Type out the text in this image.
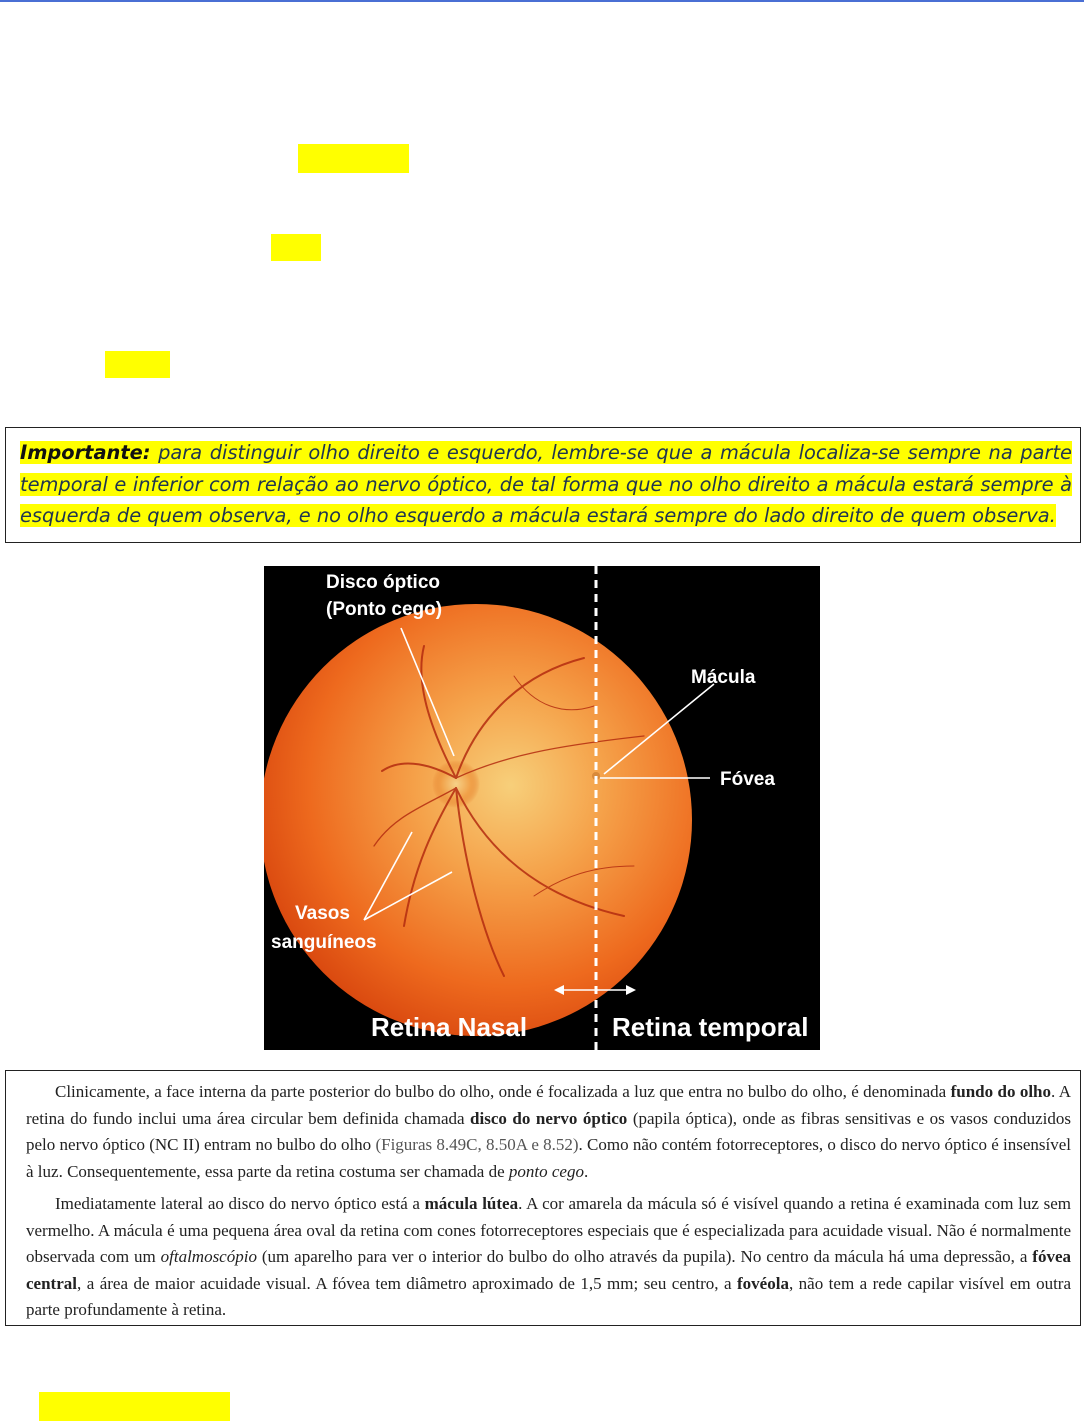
Importante: para distinguir olho direito e esquerdo, lembre-se que a mácula localiza-se sempre na parte temporal e inferior com relação ao nervo óptico, de tal forma que no olho direito a mácula estará sempre à esquerda de quem observa, e no olho esquerdo a mácula estará sempre do lado direito de quem observa.
Disco óptico
(Ponto cego)
Mácula
Fóvea
Vasos
sanguíneos
Retina Nasal	Retina temporal

Clinicamente, a face interna da parte posterior do bulbo do olho, onde é focalizada a luz que entra no bulbo do olho, é denominada fundo do olho. A retina do fundo inclui uma área circular bem definida chamada disco do nervo óptico (papila óptica), onde as fibras sensitivas e os vasos conduzidos pelo nervo óptico (NC II) entram no bulbo do olho (Figuras 8.49C, 8.50A e 8.52). Como não contém fotorreceptores, o disco do nervo óptico é insensível à luz. Consequentemente, essa parte da retina costuma ser chamada de ponto cego.

Imediatamente lateral ao disco do nervo óptico está a mácula lútea. A cor amarela da mácula só é visível quando a retina é examinada com luz sem vermelho. A mácula é uma pequena área oval da retina com cones fotorreceptores especiais que é especializada para acuidade visual. Não é normalmente observada com um oftalmoscópio (um aparelho para ver o interior do bulbo do olho através da pupila). No centro da mácula há uma depressão, a fóvea central, a área de maior acuidade visual. A fóvea tem diâmetro aproximado de 1,5 mm; seu centro, a fovéola, não tem a rede capilar visível em outra parte profundamente à retina.
